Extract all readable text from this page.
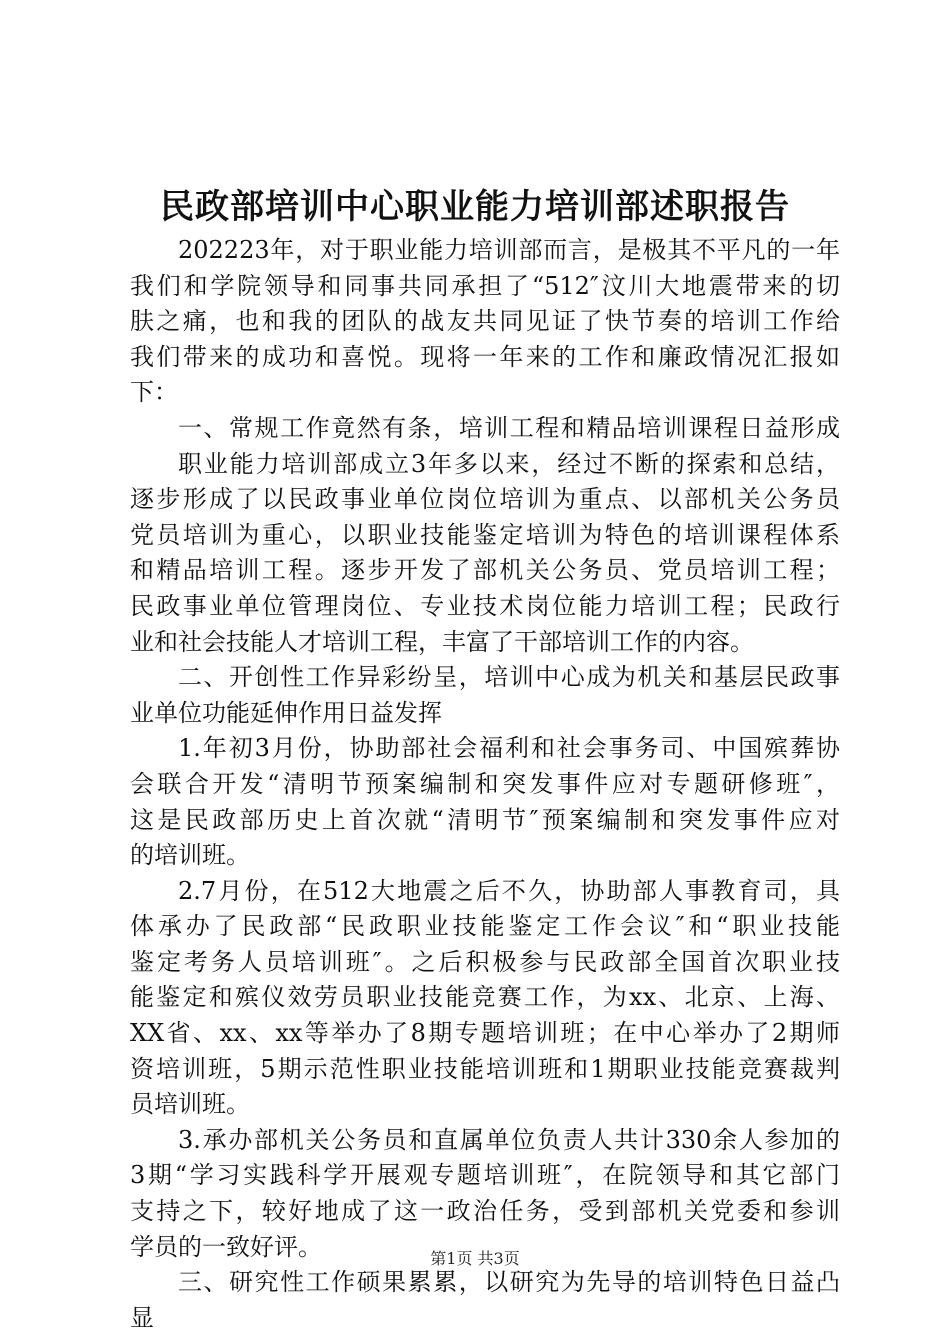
民政部培训中心职业能力培训部述职报告
202223年，对于职业能力培训部而言，是极其不平凡的一年
我们和学院领导和同事共同承担了“512″汶川大地震带来的切
肤之痛，也和我的团队的战友共同见证了快节奏的培训工作给
我们带来的成功和喜悦。现将一年来的工作和廉政情况汇报如
下：
一、常规工作竟然有条，培训工程和精品培训课程日益形成
职业能力培训部成立3年多以来，经过不断的探索和总结，
逐步形成了以民政事业单位岗位培训为重点、以部机关公务员
党员培训为重心，以职业技能鉴定培训为特色的培训课程体系
和精品培训工程。逐步开发了部机关公务员、党员培训工程；
民政事业单位管理岗位、专业技术岗位能力培训工程；民政行
业和社会技能人才培训工程，丰富了干部培训工作的内容。
二、开创性工作异彩纷呈，培训中心成为机关和基层民政事
业单位功能延伸作用日益发挥
1.年初3月份，协助部社会福利和社会事务司、中国殡葬协
会联合开发“清明节预案编制和突发事件应对专题研修班″，
这是民政部历史上首次就“清明节″预案编制和突发事件应对
的培训班。
2.7月份，在512大地震之后不久，协助部人事教育司，具
体承办了民政部“民政职业技能鉴定工作会议″和“职业技能
鉴定考务人员培训班″。之后积极参与民政部全国首次职业技
能鉴定和殡仪效劳员职业技能竞赛工作，为xx、北京、上海、
XX省、xx、xx等举办了8期专题培训班；在中心举办了2期师
资培训班，5期示范性职业技能培训班和1期职业技能竞赛裁判
员培训班。
3.承办部机关公务员和直属单位负责人共计330余人参加的
3期“学习实践科学开展观专题培训班″，在院领导和其它部门
支持之下，较好地成了这一政治任务，受到部机关党委和参训
学员的一致好评。
三、研究性工作硕果累累，以研究为先导的培训特色日益凸
显
第1页 共3页
